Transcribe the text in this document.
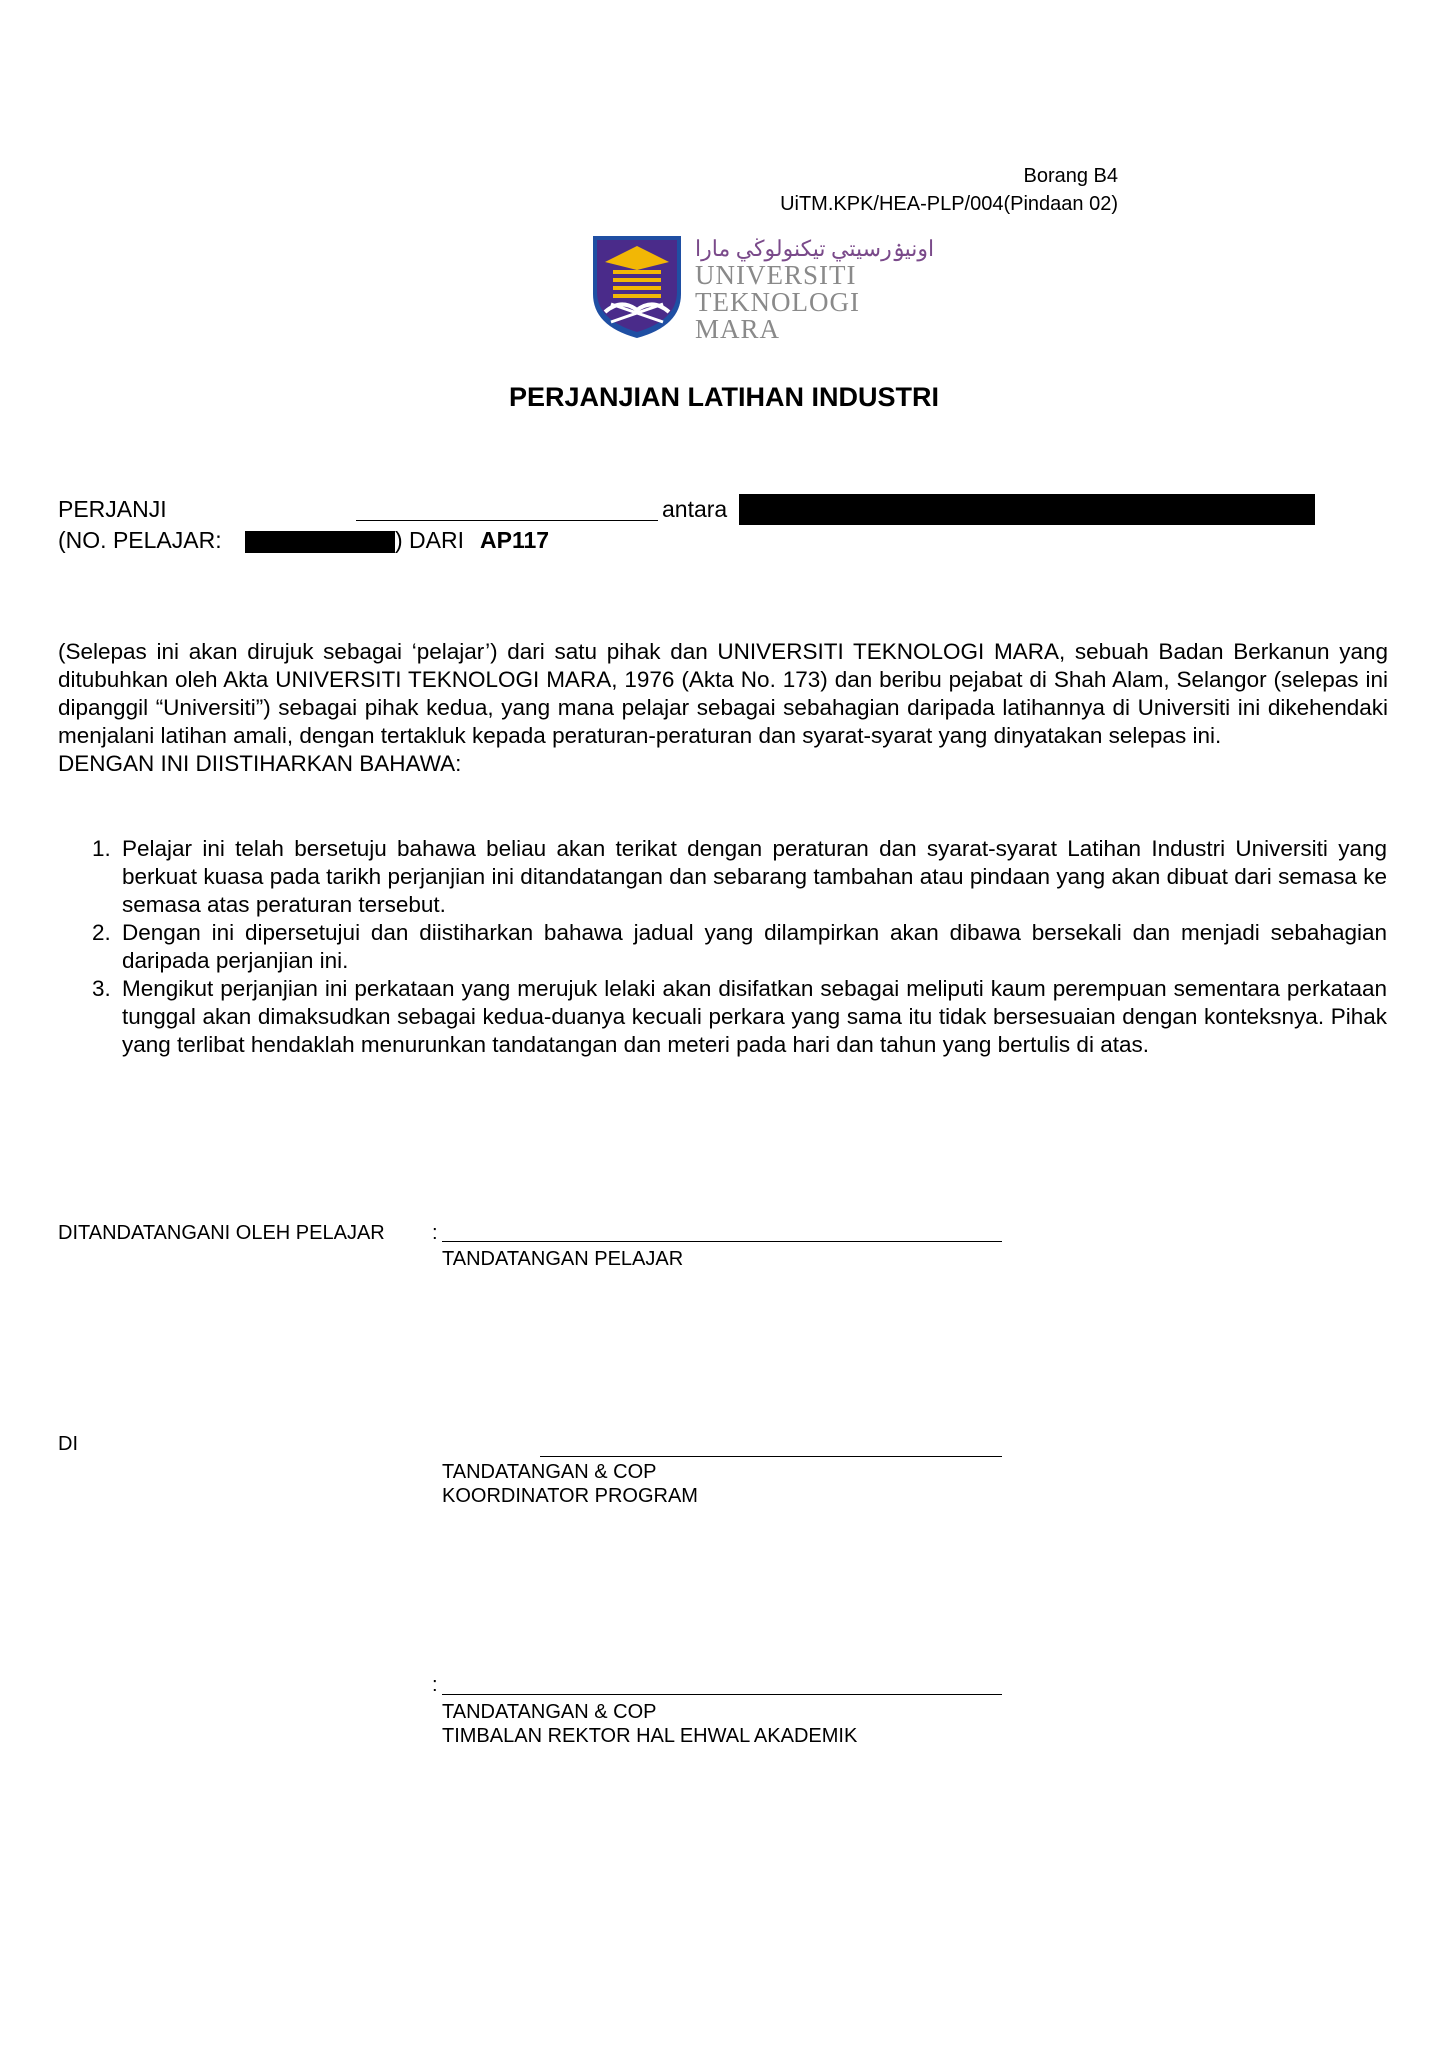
Borang B4
UiTM.KPK/HEA-PLP/004(Pindaan 02)
اونيۏرسيتي تيكنولوڬي مارا
UNIVERSITI
TEKNOLOGI
MARA
PERJANJIAN LATIHAN INDUSTRI
PERJANJI	antara
(NO. PELAJAR:	) DARI AP117

(Selepas ini akan dirujuk sebagai ‘pelajar’) dari satu pihak dan UNIVERSITI TEKNOLOGI MARA, sebuah Badan Berkanun yang ditubuhkan oleh Akta UNIVERSITI TEKNOLOGI MARA, 1976 (Akta No. 173) dan beribu pejabat di Shah Alam, Selangor (selepas ini dipanggil “Universiti”) sebagai pihak kedua, yang mana pelajar sebagai sebahagian daripada latihannya di Universiti ini dikehendaki menjalani latihan amali, dengan tertakluk kepada peraturan-peraturan dan syarat-syarat yang dinyatakan selepas ini.

DENGAN INI DIISTIHARKAN BAHAWA:

1. Pelajar ini telah bersetuju bahawa beliau akan terikat dengan peraturan dan syarat-syarat Latihan Industri Universiti yang berkuat kuasa pada tarikh perjanjian ini ditandatangan dan sebarang tambahan atau pindaan yang akan dibuat dari semasa ke semasa atas peraturan tersebut.
2. Dengan ini dipersetujui dan diistiharkan bahawa jadual yang dilampirkan akan dibawa bersekali dan menjadi sebahagian daripada perjanjian ini.
3. Mengikut perjanjian ini perkataan yang merujuk lelaki akan disifatkan sebagai meliputi kaum perempuan sementara perkataan tunggal akan dimaksudkan sebagai kedua-duanya kecuali perkara yang sama itu tidak bersesuaian dengan konteksnya. Pihak yang terlibat hendaklah menurunkan tandatangan dan meteri pada hari dan tahun yang bertulis di atas.
DITANDATANGANI OLEH PELAJAR :
TANDATANGAN PELAJAR
DI
TANDATANGAN & COP
KOORDINATOR PROGRAM
:
TANDATANGAN & COP
TIMBALAN REKTOR HAL EHWAL AKADEMIK
